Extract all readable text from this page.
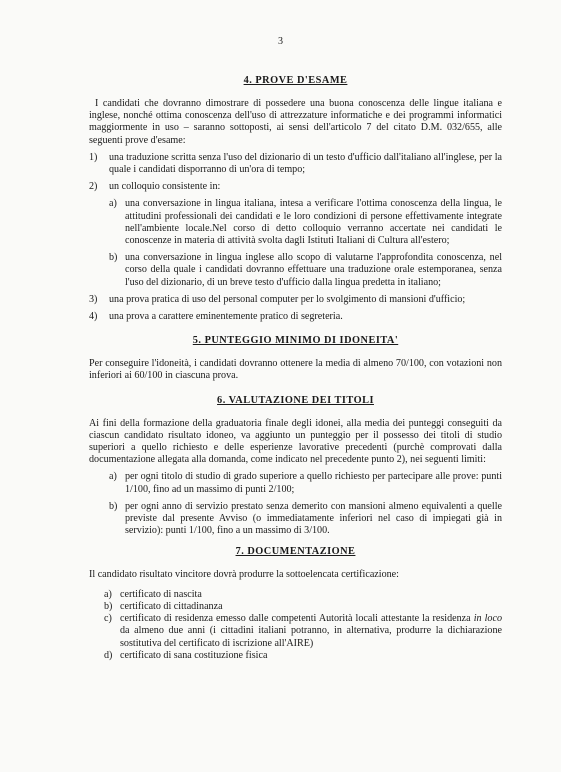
3
4. PROVE D'ESAME

I candidati che dovranno dimostrare di possedere una buona conoscenza delle lingue italiana e inglese, nonché ottima conoscenza dell'uso di attrezzature informatiche e dei programmi informatici maggiormente in uso – saranno sottoposti, ai sensi dell'articolo 7 del citato D.M. 032/655, alle seguenti prove d'esame:

1)	una traduzione scritta senza l'uso del dizionario di un testo d'ufficio dall'italiano all'inglese, per la quale i candidati disporranno di un'ora di tempo;
2)	un colloquio consistente in:
a) una conversazione in lingua italiana, intesa a verificare l'ottima conoscenza della lingua, le attitudini professionali dei candidati e le loro condizioni di persone effettivamente integrate nell'ambiente locale.Nel corso di detto colloquio verranno accertate nei candidati le conoscenze in materia di attività svolta dagli Istituti Italiani di Cultura all'estero;
b) una conversazione in lingua inglese allo scopo di valutarne l'approfondita conoscenza, nel corso della quale i candidati dovranno effettuare una traduzione orale estemporanea, senza l'uso del dizionario, di un breve testo d'ufficio dalla lingua predetta in italiano;
3)	una prova pratica di uso del personal computer per lo svolgimento di mansioni d'ufficio;
4)	una prova a carattere eminentemente pratico di segreteria.
5. PUNTEGGIO MINIMO DI IDONEITA'

Per conseguire l'idoneità, i candidati dovranno ottenere la media di almeno 70/100, con votazioni non inferiori ai 60/100 in ciascuna prova.

6. VALUTAZIONE DEI TITOLI

Ai fini della formazione della graduatoria finale degli idonei, alla media dei punteggi conseguiti da ciascun candidato risultato idoneo, va aggiunto un punteggio per il possesso dei titoli di studio superiori a quello richiesto e delle esperienze lavorative precedenti (purchè comprovati dalla documentazione allegata alla domanda, come indicato nel precedente punto 2), nei seguenti limiti:

a) per ogni titolo di studio di grado superiore a quello richiesto per partecipare alle prove: punti 1/100, fino ad un massimo di punti 2/100;
b) per ogni anno di servizio prestato senza demerito con mansioni almeno equivalenti a quelle previste dal presente Avviso (o immediatamente inferiori nel caso di impiegati già in servizio): punti 1/100, fino a un massimo di 3/100.
7. DOCUMENTAZIONE

Il candidato risultato vincitore dovrà produrre la sottoelencata certificazione:

a) certificato di nascita
b) certificato di cittadinanza
c) certificato di residenza emesso dalle competenti Autorità locali attestante la residenza in loco da almeno due anni (i cittadini italiani potranno, in alternativa, produrre la dichiarazione sostitutiva del certificato di iscrizione all'AIRE)
d) certificato di sana costituzione fisica
